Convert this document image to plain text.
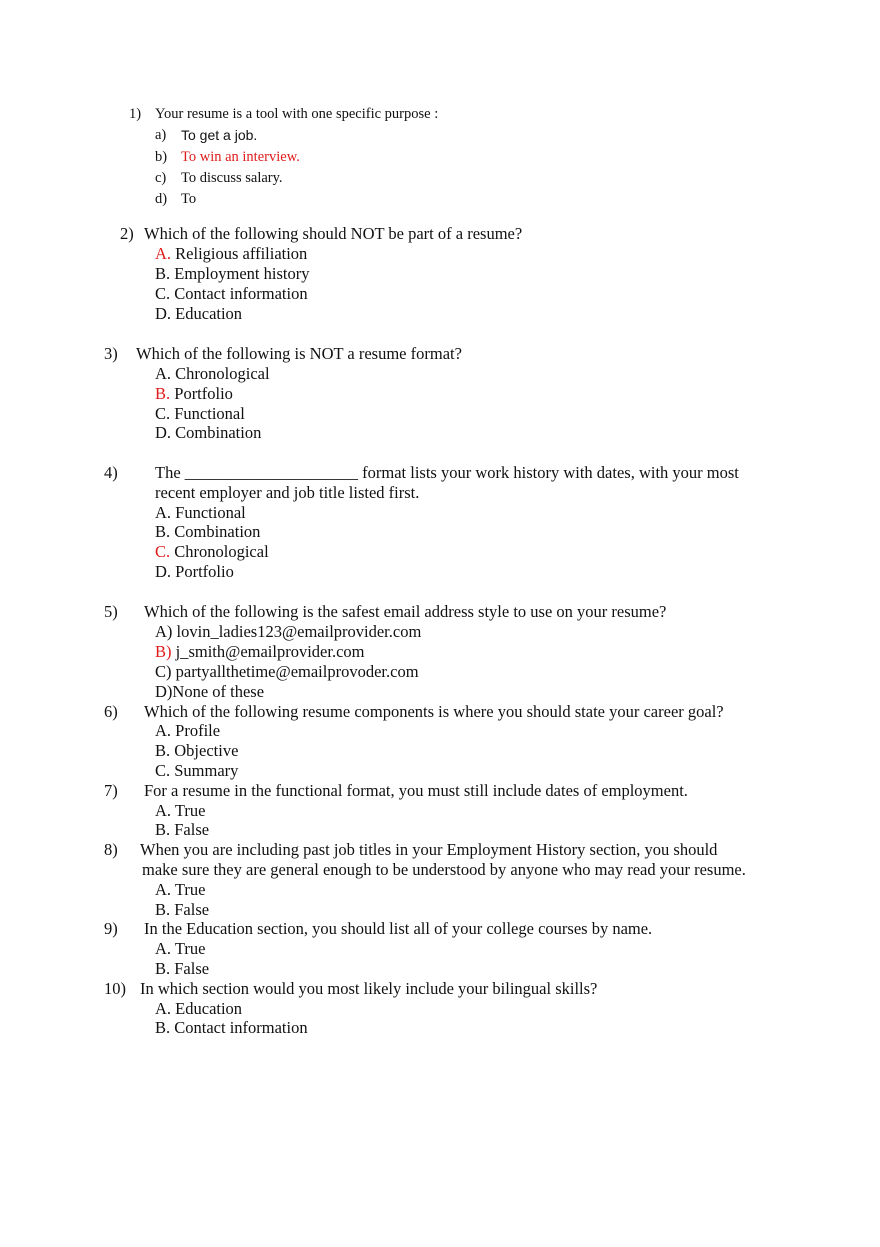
1) Your resume is a tool with one specific purpose :
a) To get a job.
b) To win an interview.
c) To discuss salary.
d) To
2) Which of the following should NOT be part of a resume?
A. Religious affiliation
B. Employment history
C. Contact information
D. Education
3) Which of the following is NOT a resume format?
A. Chronological
B. Portfolio
C. Functional
D. Combination
4) The _____________________ format lists your work history with dates, with your most
recent employer and job title listed first.
A. Functional
B. Combination
C. Chronological
D. Portfolio
5) Which of the following is the safest email address style to use on your resume?
A) lovin_ladies123@emailprovider.com
B) j_smith@emailprovider.com
C) partyallthetime@emailprovoder.com
D)None of these
6) Which of the following resume components is where you should state your career goal?
A. Profile
B. Objective
C. Summary
7) For a resume in the functional format, you must still include dates of employment.
A. True
B. False
8) When you are including past job titles in your Employment History section, you should
make sure they are general enough to be understood by anyone who may read your resume.
A. True
B. False
9) In the Education section, you should list all of your college courses by name.
A. True
B. False
10) In which section would you most likely include your bilingual skills?
A. Education
B. Contact information
